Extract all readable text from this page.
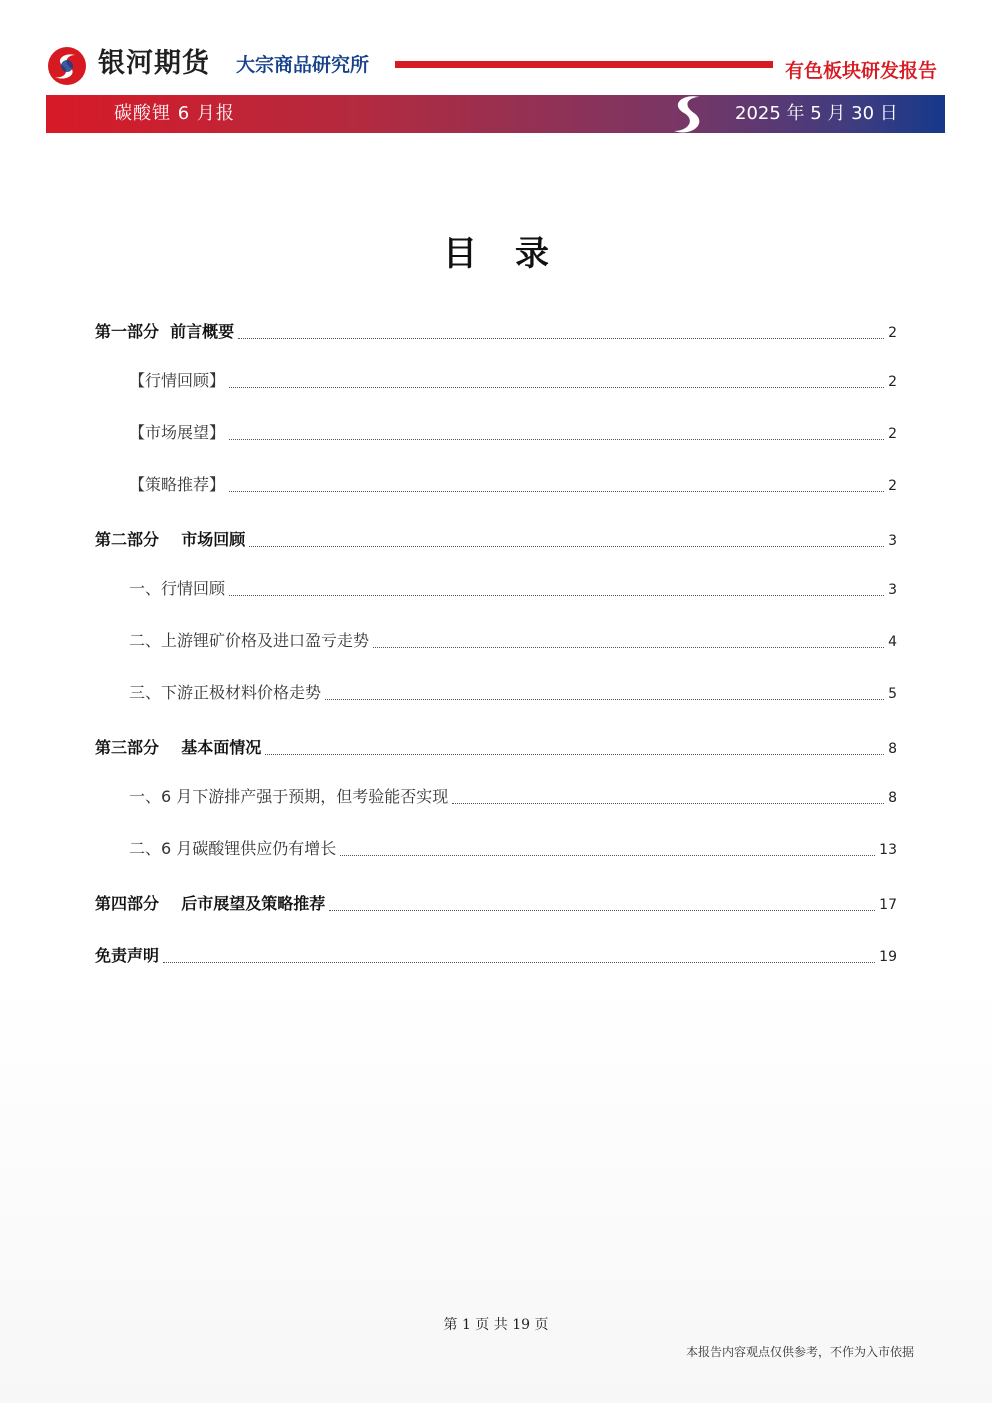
银河期货 大宗商品研究所	有色板块研发报告
碳酸锂 6 月报	2025 年 5 月 30 日
目录
第一部分  前言概要	2
【行情回顾】	2
【市场展望】	2
【策略推荐】	2
第二部分    市场回顾	3
一、行情回顾	3
二、上游锂矿价格及进口盈亏走势	4
三、下游正极材料价格走势	5
第三部分    基本面情况	8
一、6 月下游排产强于预期，但考验能否实现	8
二、6 月碳酸锂供应仍有增长	13
第四部分    后市展望及策略推荐	17
免责声明	19
第 1 页 共 19 页
本报告内容观点仅供参考，不作为入市依据
